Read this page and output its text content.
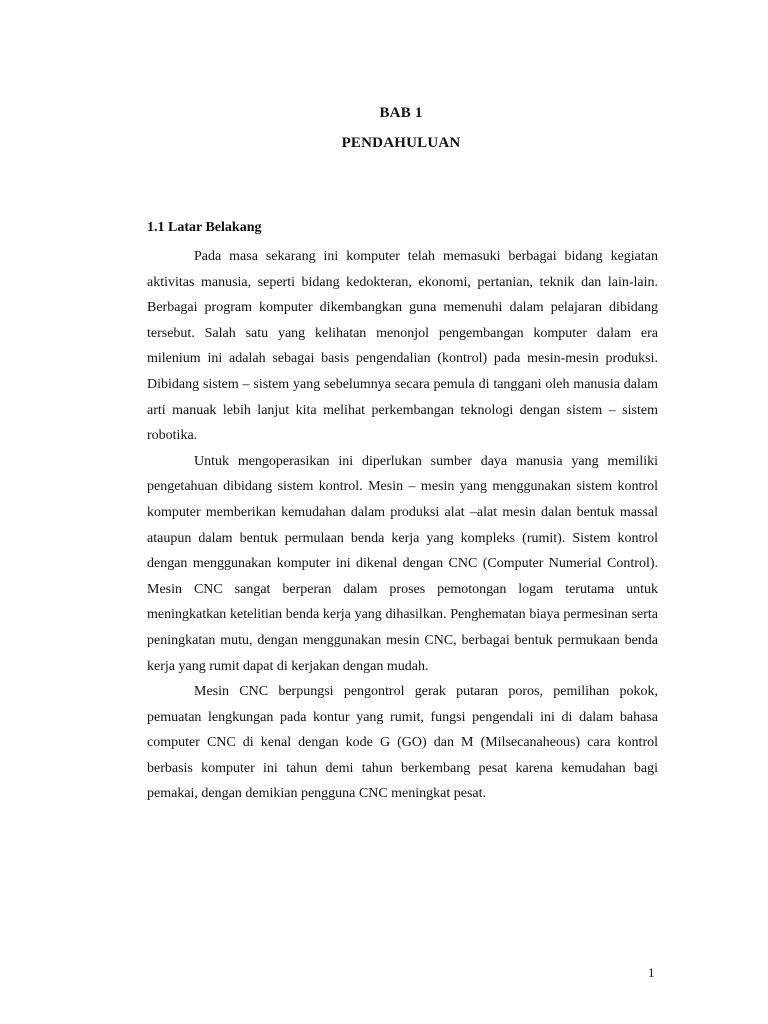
BAB 1
PENDAHULUAN
1.1 Latar Belakang

Pada masa sekarang ini komputer telah memasuki berbagai bidang kegiatan aktivitas manusia, seperti bidang kedokteran, ekonomi, pertanian, teknik dan lain-lain. Berbagai program komputer dikembangkan guna memenuhi dalam pelajaran dibidang tersebut. Salah satu yang kelihatan menonjol pengembangan komputer dalam era milenium ini adalah sebagai basis pengendalian (kontrol) pada mesin-mesin produksi. Dibidang sistem – sistem yang sebelumnya secara pemula di tanggani oleh manusia dalam arti manuak lebih lanjut kita melihat perkembangan teknologi dengan sistem – sistem robotika.

Untuk mengoperasikan ini diperlukan sumber daya manusia yang memiliki pengetahuan dibidang sistem kontrol. Mesin – mesin yang menggunakan sistem kontrol komputer memberikan kemudahan dalam produksi alat –alat mesin dalan bentuk massal ataupun dalam bentuk permulaan benda kerja yang kompleks (rumit). Sistem kontrol dengan menggunakan komputer ini dikenal dengan CNC (Computer Numerial Control). Mesin CNC sangat berperan dalam proses pemotongan logam terutama untuk meningkatkan ketelitian benda kerja yang dihasilkan. Penghematan biaya permesinan serta peningkatan mutu, dengan menggunakan mesin CNC, berbagai bentuk permukaan benda kerja yang rumit dapat di kerjakan dengan mudah.

Mesin CNC berpungsi pengontrol gerak putaran poros, pemilihan pokok, pemuatan lengkungan pada kontur yang rumit, fungsi pengendali ini di dalam bahasa computer CNC di kenal dengan kode G (GO) dan M (Milsecanaheous) cara kontrol berbasis komputer ini tahun demi tahun berkembang pesat karena kemudahan bagi pemakai, dengan demikian pengguna CNC meningkat pesat.

1
